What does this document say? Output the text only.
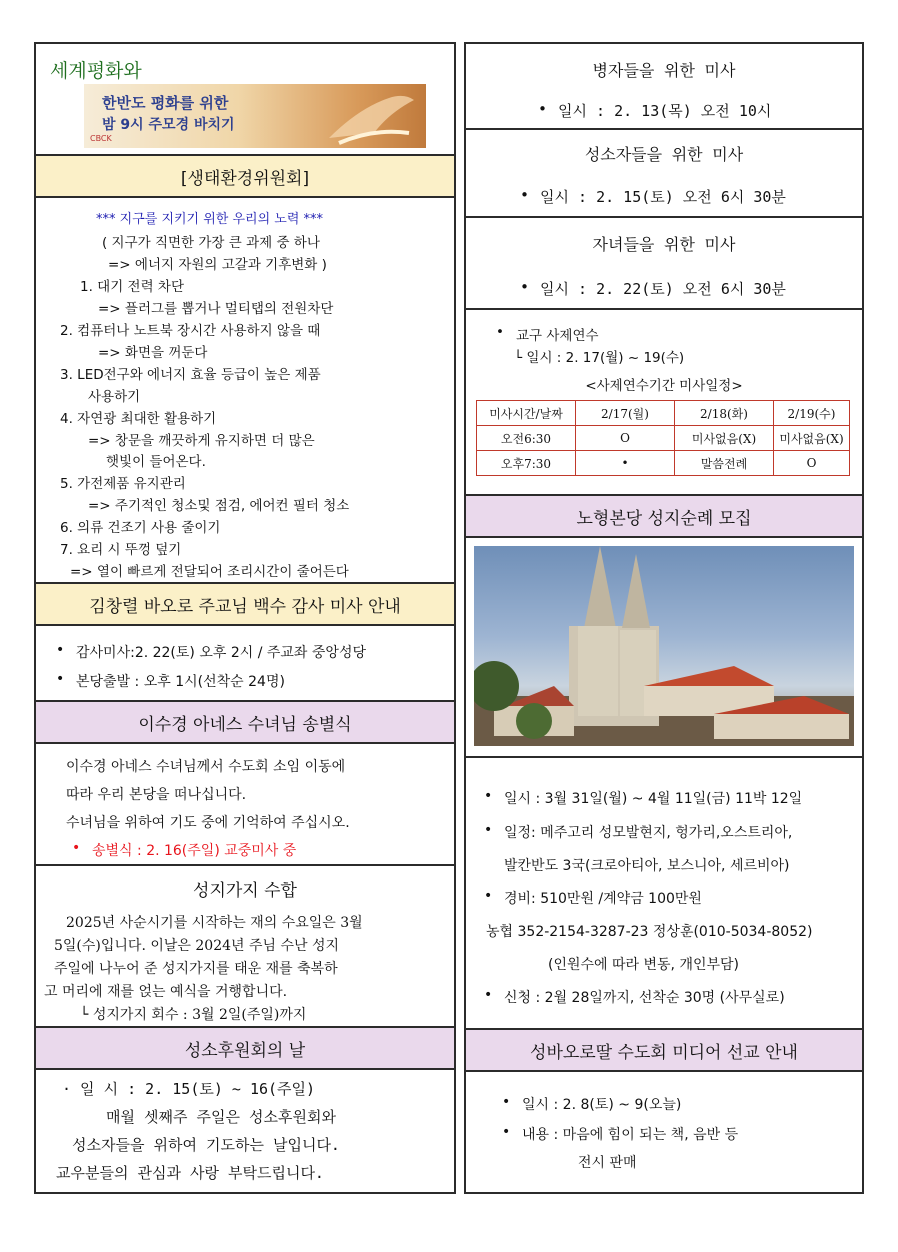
세계평화와
한반도 평화를 위한
밤 9시 주모경 바치기
CBCK
[생태환경위원회]
*** 지구를 지키기 위한 우리의 노력 ***
( 지구가 직면한 가장 큰 과제 중 하나
=> 에너지 자원의 고갈과 기후변화 )
1. 대기 전력 차단
=> 플러그를 뽑거나 멀티탭의 전원차단
2. 컴퓨터나 노트북 장시간 사용하지 않을 때
=> 화면을 꺼둔다
3. LED전구와 에너지 효율 등급이 높은 제품
사용하기
4. 자연광 최대한 활용하기
=> 창문을 깨끗하게 유지하면 더 많은
햇빛이 들어온다.
5. 가전제품 유지관리
=> 주기적인 청소및 점검, 에어컨 필터 청소
6. 의류 건조기 사용 줄이기
7. 요리 시 뚜껑 덮기
=> 열이 빠르게 전달되어 조리시간이 줄어든다
김창렬 바오로 주교님 백수 감사 미사 안내
• 감사미사:2. 22(토) 오후 2시 / 주교좌 중앙성당
• 본당출발 : 오후 1시(선착순 24명)
이수경 아네스 수녀님 송별식
이수경 아네스 수녀님께서 수도회 소임 이동에
따라 우리 본당을 떠나십니다.
수녀님을 위하여 기도 중에 기억하여 주십시오.
• 송별식 : 2. 16(주일) 교중미사 중
성지가지 수합
2025년 사순시기를 시작하는 재의 수요일은 3월
5일(수)입니다. 이날은 2024년 주님 수난 성지
주일에 나누어 준 성지가지를 태운 재를 축복하
고 머리에 재를 얹는 예식을 거행합니다.
└ 성지가지 회수 : 3월 2일(주일)까지
성소후원회의 날
· 일 시 : 2. 15(토) ~ 16(주일)
매월 셋째주 주일은 성소후원회와
성소자들을 위하여 기도하는 날입니다.
교우분들의 관심과 사랑 부탁드립니다.
병자들을 위한 미사
• 일시 : 2. 13(목) 오전 10시
성소자들을 위한 미사
• 일시 : 2. 15(토) 오전 6시 30분
자녀들을 위한 미사
• 일시 : 2. 22(토) 오전 6시 30분
• 교구 사제연수
└ 일시 : 2. 17(월) ~ 19(수)
<사제연수기간 미사일정>
미사시간/날짜	2/17(월)	2/18(화)	2/19(수)
오전6:30	O	미사없음(X)	미사없음(X)
오후7:30	•	말씀전례	O
노형본당 성지순례 모집
• 일시 : 3월 31일(월) ~ 4월 11일(금) 11박 12일
• 일정: 메주고리 성모발현지, 헝가리,오스트리아,
발칸반도 3국(크로아티아, 보스니아, 세르비아)
• 경비: 510만원 /계약금 100만원
농협 352-2154-3287-23 정상훈(010-5034-8052)
(인원수에 따라 변동, 개인부담)
• 신청 : 2월 28일까지, 선착순 30명 (사무실로)
성바오로딸 수도회 미디어 선교 안내
• 일시 : 2. 8(토) ~ 9(오늘)
• 내용 : 마음에 힘이 되는 책, 음반 등
전시 판매
